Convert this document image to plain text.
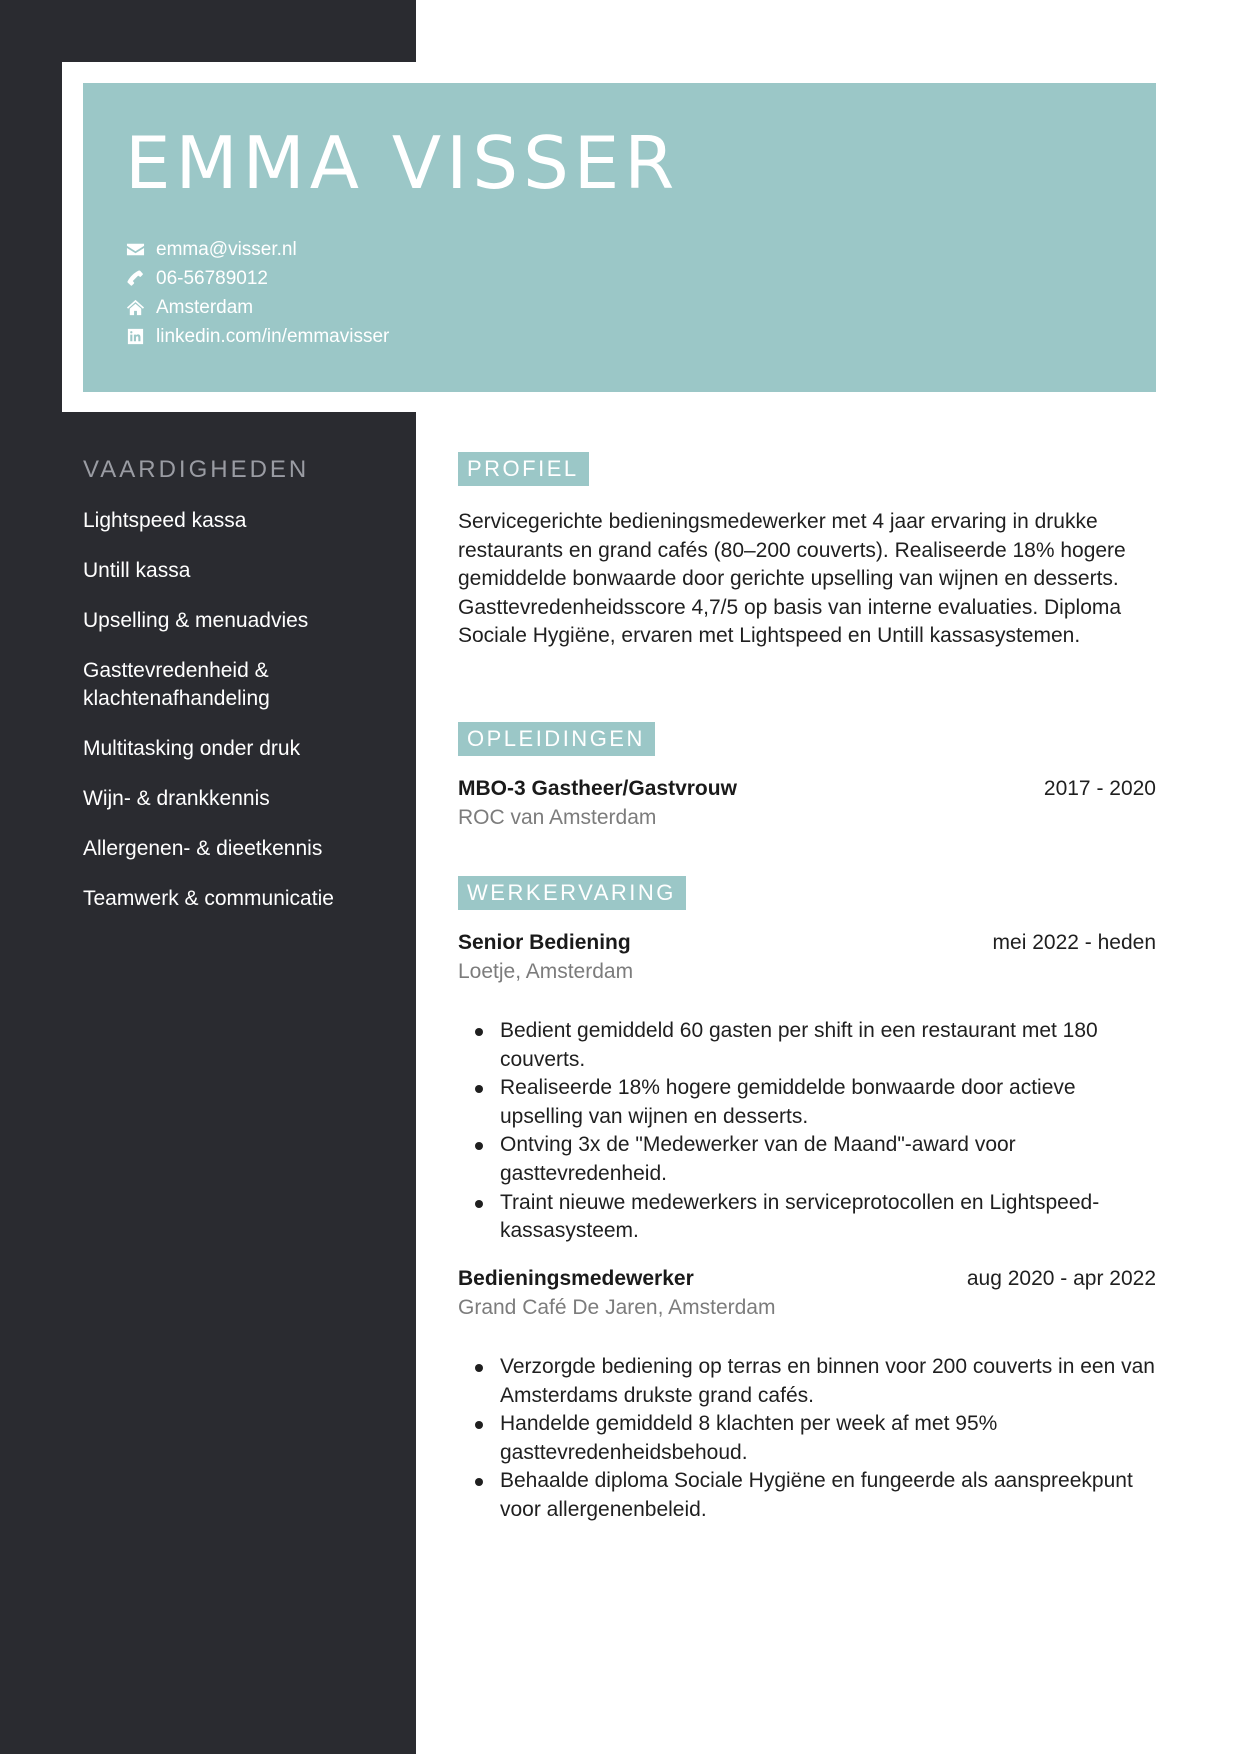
EMMA VISSER
emma@visser.nl
06-56789012
Amsterdam
linkedin.com/in/emmavisser
VAARDIGHEDEN
Lightspeed kassa
Untill kassa
Upselling & menuadvies
Gasttevredenheid & klachtenafhandeling
Multitasking onder druk
Wijn- & drankkennis
Allergenen- & dieetkennis
Teamwerk & communicatie
PROFIEL

Servicegerichte bedieningsmedewerker met 4 jaar ervaring in drukke restaurants en grand cafés (80–200 couverts). Realiseerde 18% hogere gemiddelde bonwaarde door gerichte upselling van wijnen en desserts. Gasttevredenheidsscore 4,7/5 op basis van interne evaluaties. Diploma Sociale Hygiëne, ervaren met Lightspeed en Untill kassasystemen.

OPLEIDINGEN
MBO-3 Gastheer/Gastvrouw	2017 - 2020
ROC van Amsterdam
WERKERVARING
Senior Bediening	mei 2022 - heden
Loetje, Amsterdam
Bedient gemiddeld 60 gasten per shift in een restaurant met 180 couverts.
Realiseerde 18% hogere gemiddelde bonwaarde door actieve upselling van wijnen en desserts.
Ontving 3x de "Medewerker van de Maand"-award voor gasttevredenheid.
Traint nieuwe medewerkers in serviceprotocollen en Lightspeed-kassasysteem.
Bedieningsmedewerker	aug 2020 - apr 2022
Grand Café De Jaren, Amsterdam
Verzorgde bediening op terras en binnen voor 200 couverts in een van Amsterdams drukste grand cafés.
Handelde gemiddeld 8 klachten per week af met 95% gasttevredenheidsbehoud.
Behaalde diploma Sociale Hygiëne en fungeerde als aanspreekpunt voor allergenenbeleid.
